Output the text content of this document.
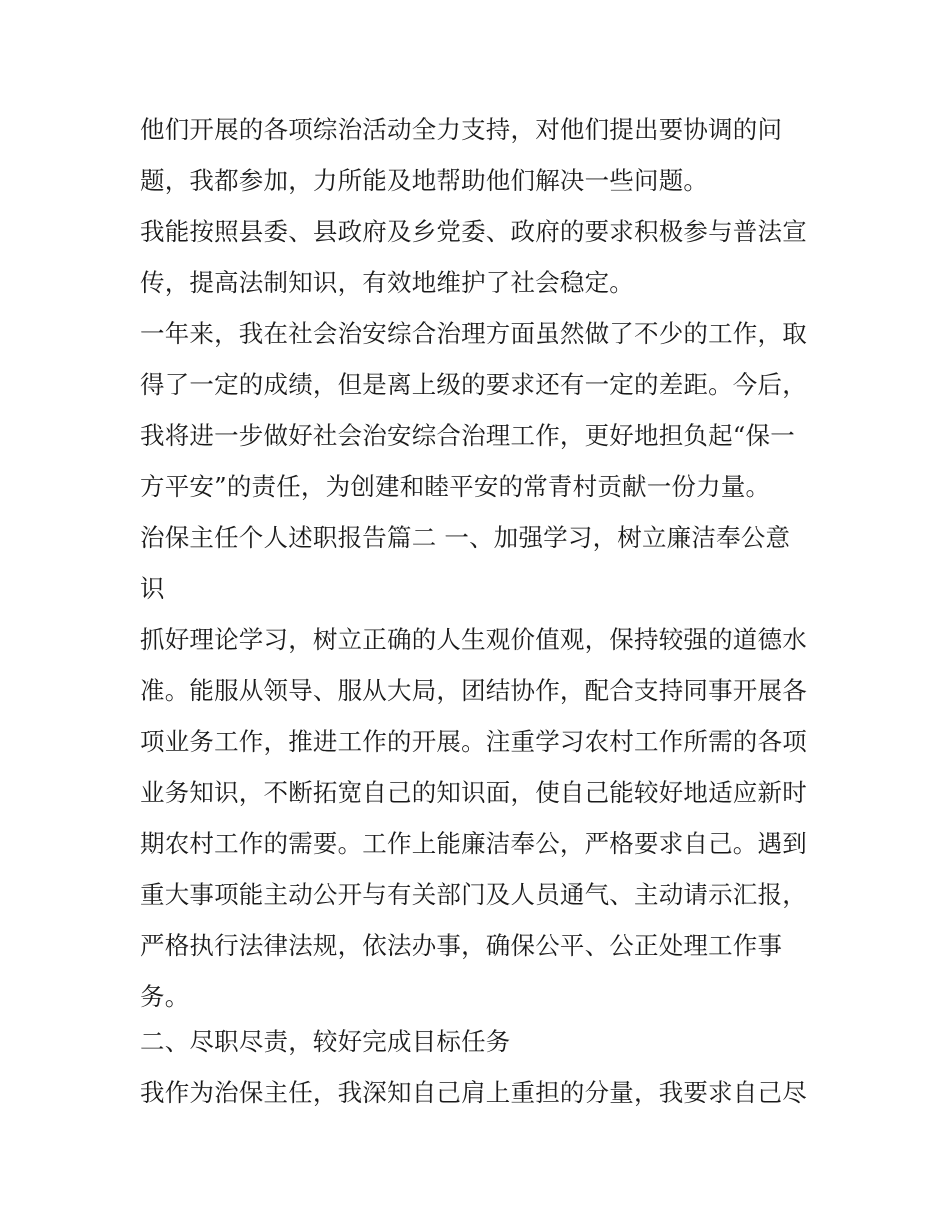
他们开展的各项综治活动全力支持，对他们提出要协调的问
题，我都参加，力所能及地帮助他们解决一些问题。
我能按照县委、县政府及乡党委、政府的要求积极参与普法宣
传，提高法制知识，有效地维护了社会稳定。
一年来，我在社会治安综合治理方面虽然做了不少的工作，取
得了一定的成绩，但是离上级的要求还有一定的差距。今后，
我将进一步做好社会治安综合治理工作，更好地担负起“保一
方平安”的责任，为创建和睦平安的常青村贡献一份力量。
治保主任个人述职报告篇二 一、加强学习，树立廉洁奉公意
识
抓好理论学习，树立正确的人生观价值观，保持较强的道德水
准。能服从领导、服从大局，团结协作，配合支持同事开展各
项业务工作，推进工作的开展。注重学习农村工作所需的各项
业务知识，不断拓宽自己的知识面，使自己能较好地适应新时
期农村工作的需要。工作上能廉洁奉公，严格要求自己。遇到
重大事项能主动公开与有关部门及人员通气、主动请示汇报，
严格执行法律法规，依法办事，确保公平、公正处理工作事
务。
二、尽职尽责，较好完成目标任务
我作为治保主任，我深知自己肩上重担的分量，我要求自己尽
